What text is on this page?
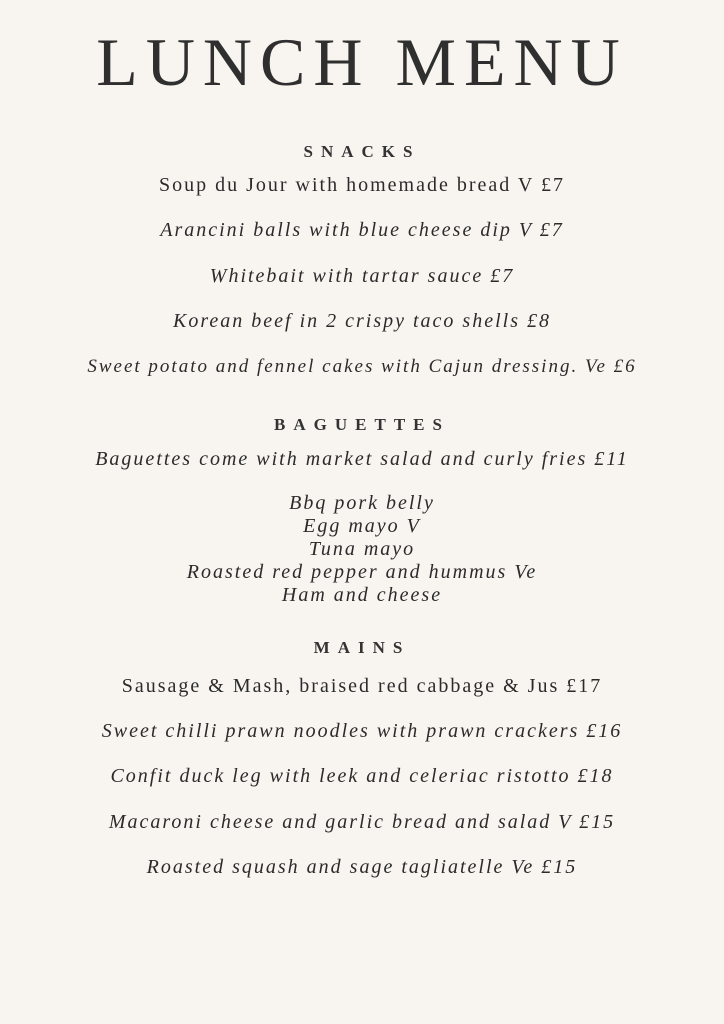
LUNCH MENU
SNACKS

Soup du Jour with homemade bread V £7

Arancini balls with blue cheese dip V £7

Whitebait with tartar sauce £7

Korean beef in 2 crispy taco shells £8

Sweet potato and fennel cakes with Cajun dressing. Ve £6

BAGUETTES

Baguettes come with market salad and curly fries £11

Bbq pork belly
Egg mayo V
Tuna mayo
Roasted red pepper and hummus Ve
Ham and cheese
MAINS

Sausage & Mash, braised red cabbage & Jus £17

Sweet chilli prawn noodles with prawn crackers £16

Confit duck leg with leek and celeriac ristotto £18

Macaroni cheese and garlic bread and salad V £15

Roasted squash and sage tagliatelle Ve £15
